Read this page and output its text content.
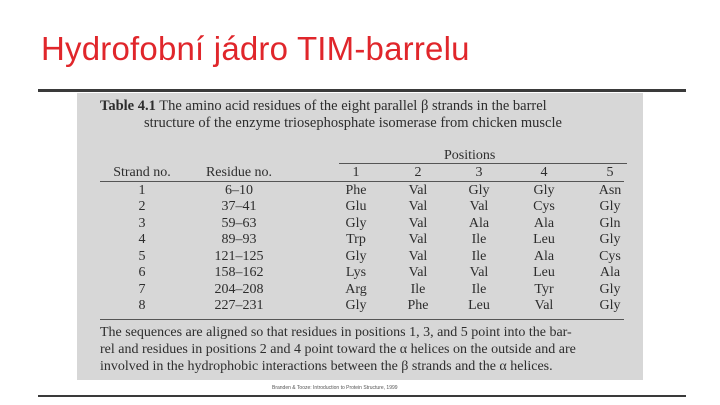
Hydrofobní jádro TIM-barrelu
Table 4.1 The amino acid residues of the eight parallel β strands in the barrel
structure of the enzyme triosephosphate isomerase from chicken muscle
Positions
Strand no.	Residue no.	1	2	3	4	5
1	6–10	Phe	Val	Gly	Gly	Asn
2	37–41	Glu	Val	Val	Cys	Gly
3	59–63	Gly	Val	Ala	Ala	Gln
4	89–93	Trp	Val	Ile	Leu	Gly
5	121–125	Gly	Val	Ile	Ala	Cys
6	158–162	Lys	Val	Val	Leu	Ala
7	204–208	Arg	Ile	Ile	Tyr	Gly
8	227–231	Gly	Phe	Leu	Val	Gly
The sequences are aligned so that residues in positions 1, 3, and 5 point into the bar-
rel and residues in positions 2 and 4 point toward the α helices on the outside and are
involved in the hydrophobic interactions between the β strands and the α helices.
Branden & Tooze: Introduction to Protein Structure, 1999
